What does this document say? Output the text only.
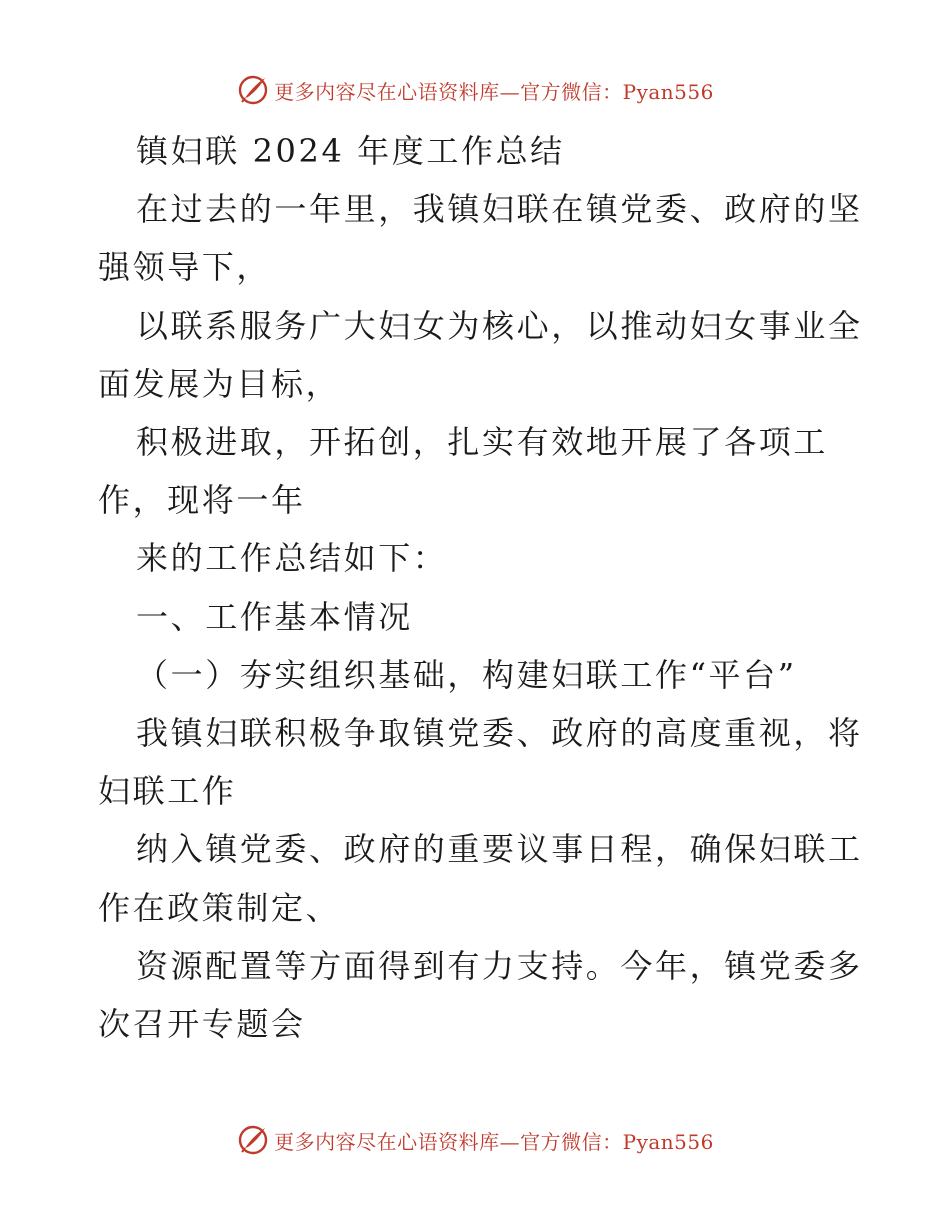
更多内容尽在心语资料库—官方微信：Pyan556

镇妇联 2024 年度工作总结

在过去的一年里，我镇妇联在镇党委、政府的坚

强领导下，

以联系服务广大妇女为核心，以推动妇女事业全

面发展为目标，

积极进取，开拓创，扎实有效地开展了各项工

作，现将一年

来的工作总结如下：

一、工作基本情况

（一）夯实组织基础，构建妇联工作“平台”

我镇妇联积极争取镇党委、政府的高度重视，将

妇联工作

纳入镇党委、政府的重要议事日程，确保妇联工

作在政策制定、

资源配置等方面得到有力支持。今年，镇党委多

次召开专题会

更多内容尽在心语资料库—官方微信：Pyan556
